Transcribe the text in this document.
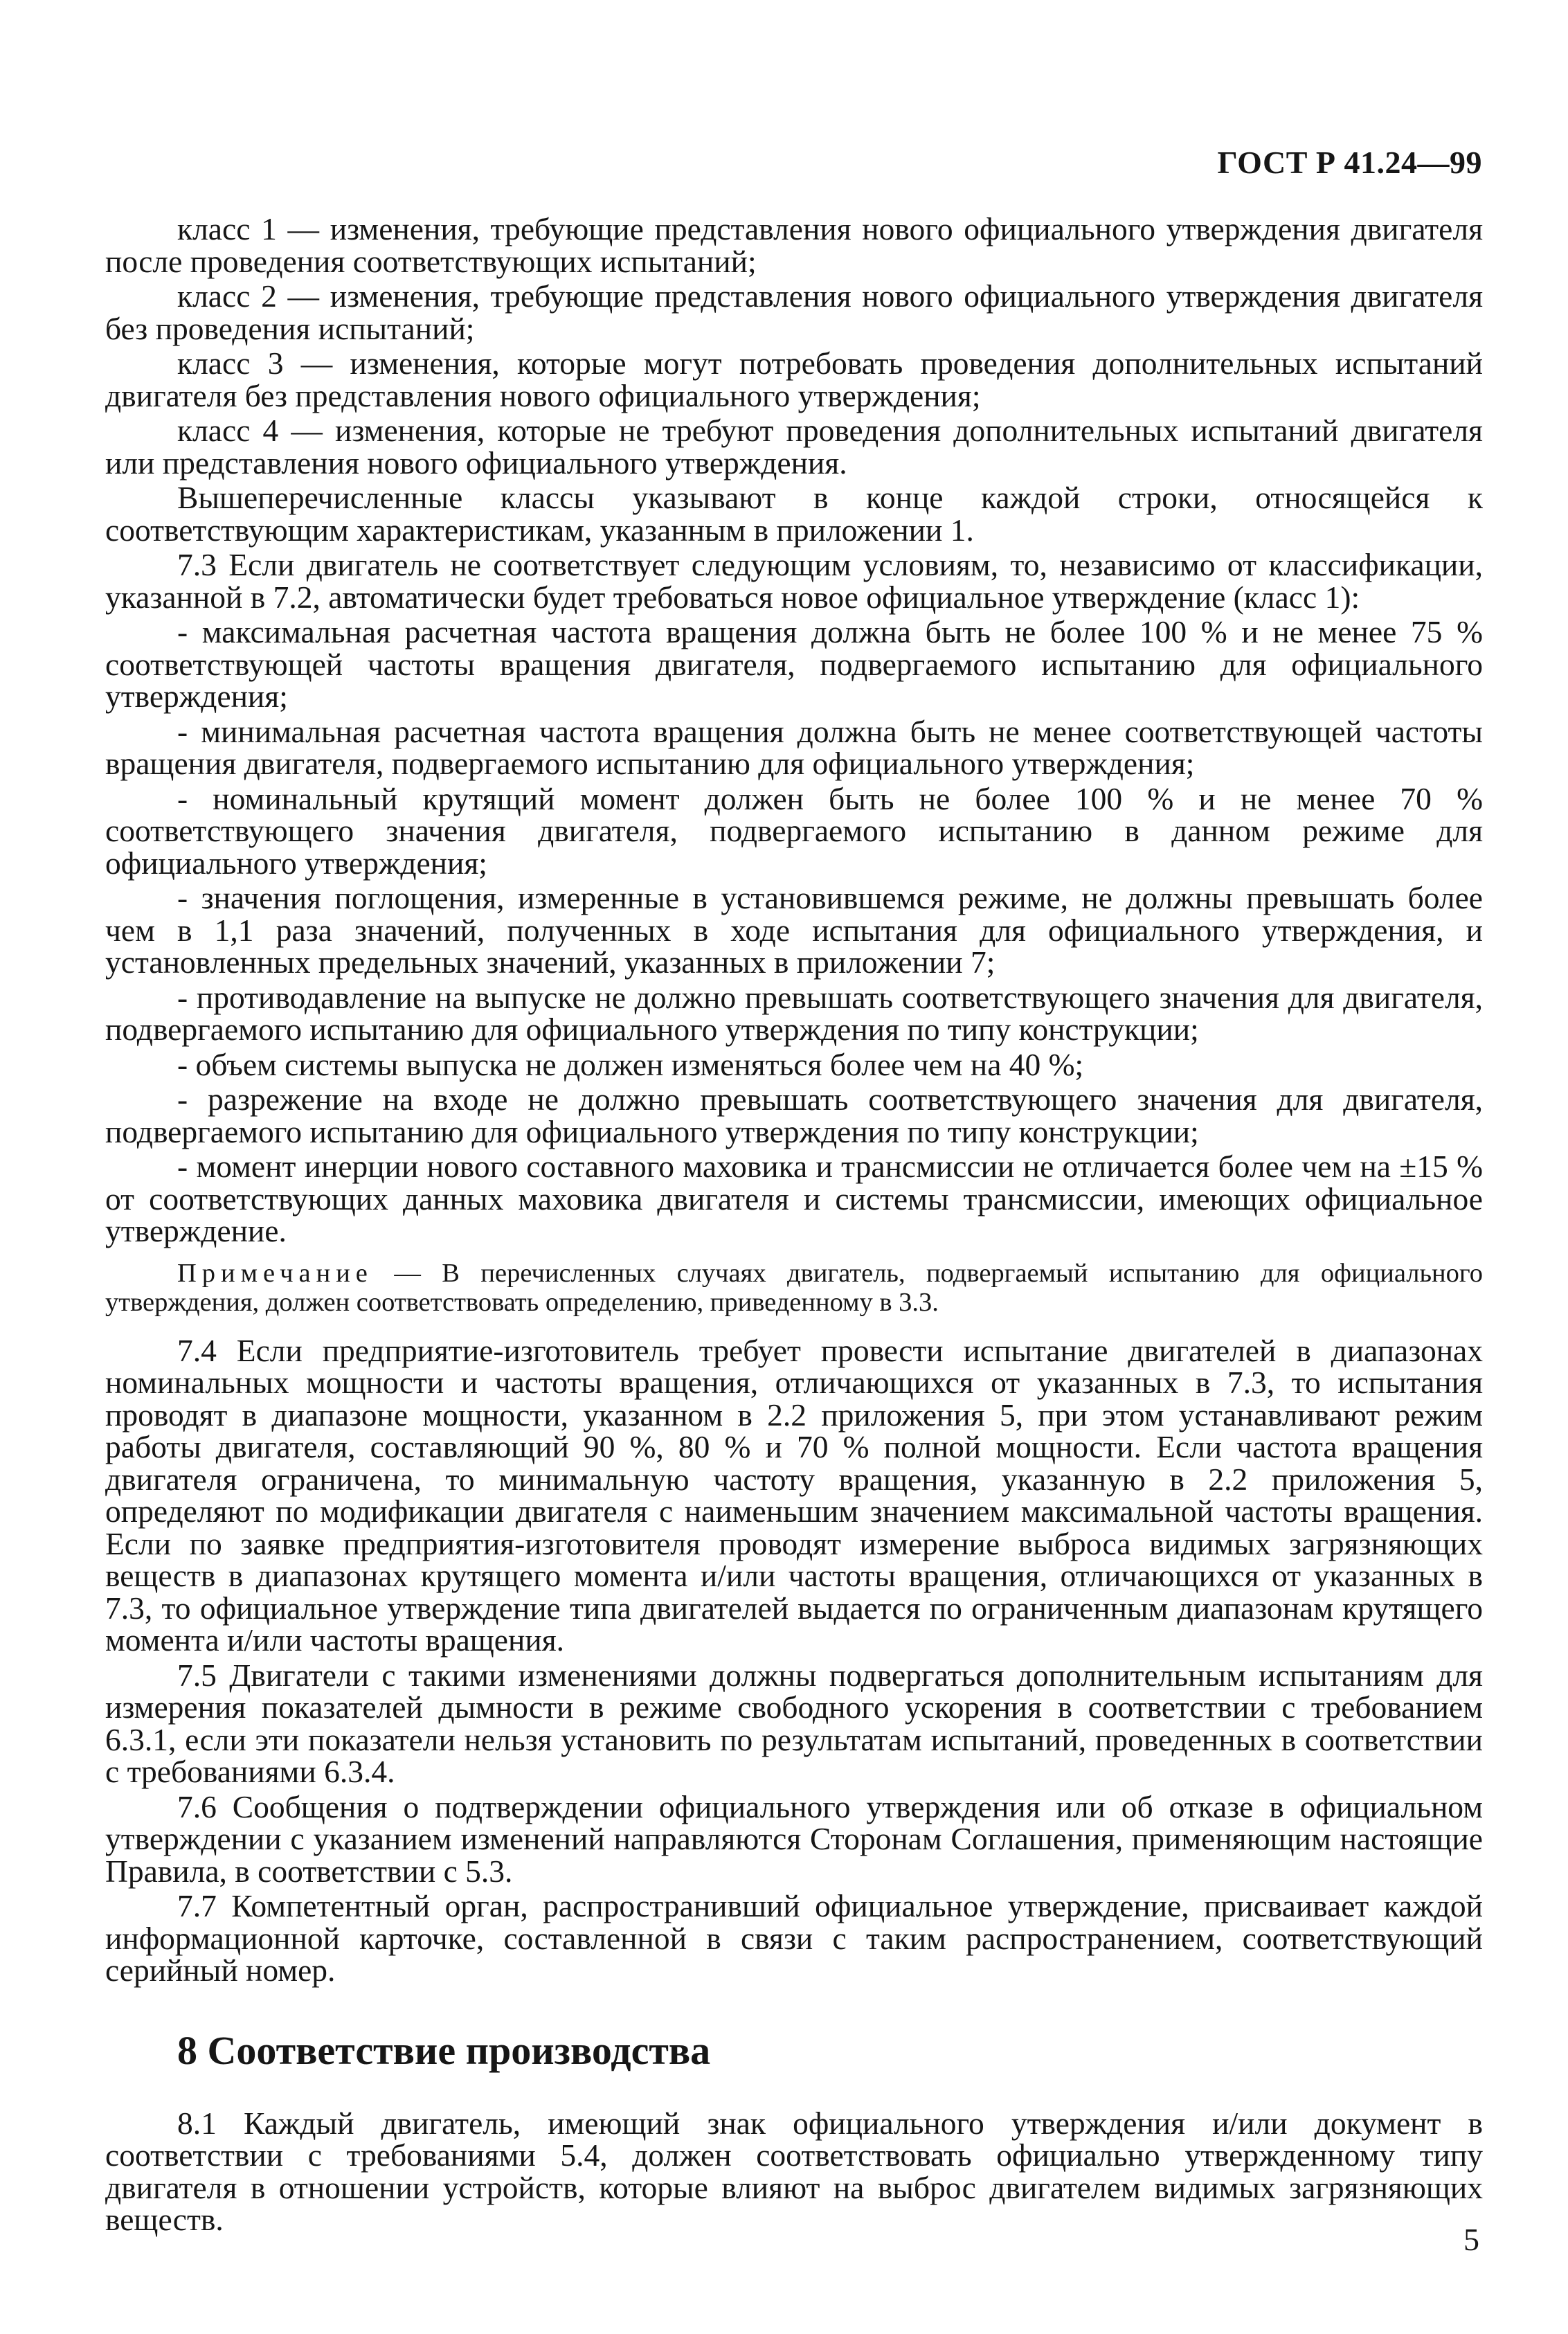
ГОСТ Р 41.24—99

класс 1 — изменения, требующие представления нового официального утверждения двигателя после проведения соответствующих испытаний;

класс 2 — изменения, требующие представления нового официального утверждения двигателя без проведения испытаний;

класс 3 — изменения, которые могут потребовать проведения дополнительных испытаний двигателя без представления нового официального утверждения;

класс 4 — изменения, которые не требуют проведения дополнительных испытаний двигателя или представления нового официального утверждения.

Вышеперечисленные классы указывают в конце каждой строки, относящейся к соответствующим характеристикам, указанным в приложении 1.

7.3 Если двигатель не соответствует следующим условиям, то, независимо от классификации, указанной в 7.2, автоматически будет требоваться новое официальное утверждение (класс 1):

- максимальная расчетная частота вращения должна быть не более 100 % и не менее 75 % соответствующей частоты вращения двигателя, подвергаемого испытанию для официального утверждения;

- минимальная расчетная частота вращения должна быть не менее соответствующей частоты вращения двигателя, подвергаемого испытанию для официального утверждения;

- номинальный крутящий момент должен быть не более 100 % и не менее 70 % соответствующего значения двигателя, подвергаемого испытанию в данном режиме для официального утверждения;

- значения поглощения, измеренные в установившемся режиме, не должны превышать более чем в 1,1 раза значений, полученных в ходе испытания для официального утверждения, и установленных предельных значений, указанных в приложении 7;

- противодавление на выпуске не должно превышать соответствующего значения для двигателя, подвергаемого испытанию для официального утверждения по типу конструкции;

- объем системы выпуска не должен изменяться более чем на 40 %;

- разрежение на входе не должно превышать соответствующего значения для двигателя, подвергаемого испытанию для официального утверждения по типу конструкции;

- момент инерции нового составного маховика и трансмиссии не отличается более чем на ±15 % от соответствующих данных маховика двигателя и системы трансмиссии, имеющих официальное утверждение.

Примечание — В перечисленных случаях двигатель, подвергаемый испытанию для официального утверждения, должен соответствовать определению, приведенному в 3.3.

7.4 Если предприятие-изготовитель требует провести испытание двигателей в диапазонах номинальных мощности и частоты вращения, отличающихся от указанных в 7.3, то испытания проводят в диапазоне мощности, указанном в 2.2 приложения 5, при этом устанавливают режим работы двигателя, составляющий 90 %, 80 % и 70 % полной мощности. Если частота вращения двигателя ограничена, то минимальную частоту вращения, указанную в 2.2 приложения 5, определяют по модификации двигателя с наименьшим значением максимальной частоты вращения. Если по заявке предприятия-изготовителя проводят измерение выброса видимых загрязняющих веществ в диапазонах крутящего момента и/или частоты вращения, отличающихся от указанных в 7.3, то официальное утверждение типа двигателей выдается по ограниченным диапазонам крутящего момента и/или частоты вращения.

7.5 Двигатели с такими изменениями должны подвергаться дополнительным испытаниям для измерения показателей дымности в режиме свободного ускорения в соответствии с требованием 6.3.1, если эти показатели нельзя установить по результатам испытаний, проведенных в соответствии с требованиями 6.3.4.

7.6 Сообщения о подтверждении официального утверждения или об отказе в официальном утверждении с указанием изменений направляются Сторонам Соглашения, применяющим настоящие Правила, в соответствии с 5.3.

7.7 Компетентный орган, распространивший официальное утверждение, присваивает каждой информационной карточке, составленной в связи с таким распространением, соответствующий серийный номер.

8 Соответствие производства

8.1 Каждый двигатель, имеющий знак официального утверждения и/или документ в соответствии с требованиями 5.4, должен соответствовать официально утвержденному типу двигателя в отношении устройств, которые влияют на выброс двигателем видимых загрязняющих веществ.

5
